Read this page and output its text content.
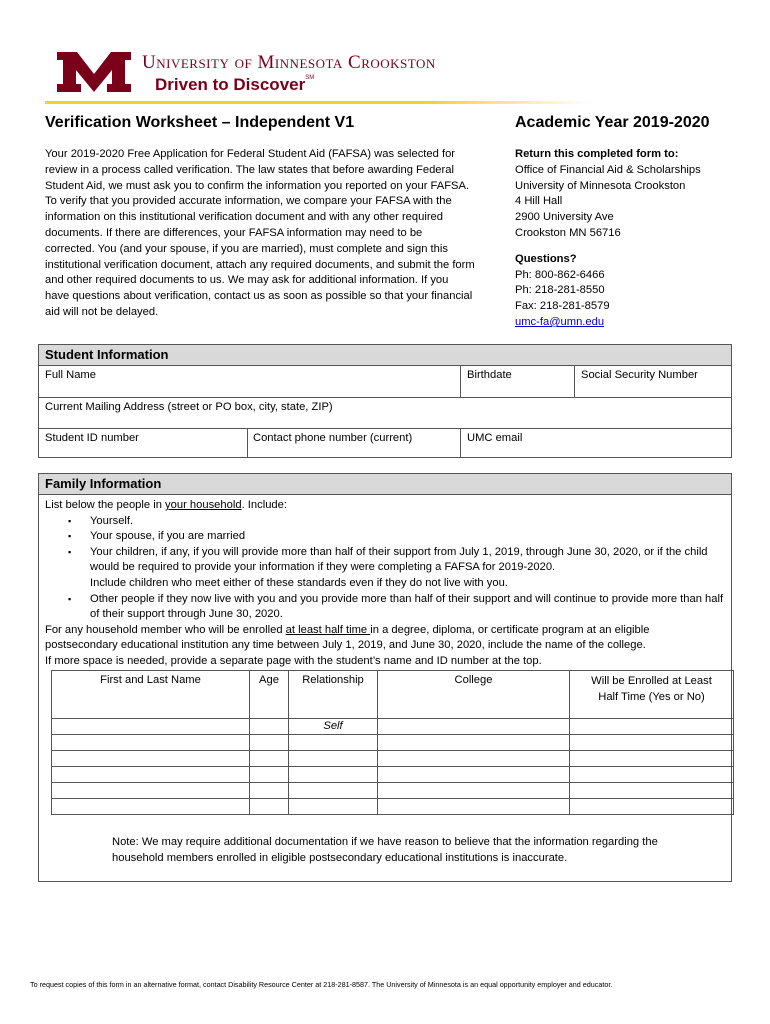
University of Minnesota Crookston
Driven to Discover℠
Verification Worksheet – Independent V1	Academic Year 2019-2020
Your 2019-2020 Free Application for Federal Student Aid (FAFSA) was selected for review in a process called verification. The law states that before awarding Federal Student Aid, we must ask you to confirm the information you reported on your FAFSA. To verify that you provided accurate information, we compare your FAFSA with the information on this institutional verification document and with any other required documents. If there are differences, your FAFSA information may need to be corrected. You (and your spouse, if you are married), must complete and sign this institutional verification document, attach any required documents, and submit the form and other required documents to us. We may ask for additional information. If you have questions about verification, contact us as soon as possible so that your financial aid will not be delayed.
Return this completed form to:
Office of Financial Aid & Scholarships
University of Minnesota Crookston
4 Hill Hall
2900 University Ave
Crookston MN 56716
Questions?
Ph: 800-862-6466
Ph: 218-281-8550
Fax: 218-281-8579
umc-fa@umn.edu
Student Information
Full Name	Birthdate	Social Security Number
Current Mailing Address (street or PO box, city, state, ZIP)
Student ID number	Contact phone number (current)	UMC email
Family Information
List below the people in your household. Include:
▪ Yourself.
▪ Your spouse, if you are married
▪ Your children, if any, if you will provide more than half of their support from July 1, 2019, through June 30, 2020, or if the child would be required to provide your information if they were completing a FAFSA for 2019-2020.
Include children who meet either of these standards even if they do not live with you.
▪ Other people if they now live with you and you provide more than half of their support and will continue to provide more than half of their support through June 30, 2020.
For any household member who will be enrolled at least half time in a degree, diploma, or certificate program at an eligible postsecondary educational institution any time between July 1, 2019, and June 30, 2020, include the name of the college.
If more space is needed, provide a separate page with the student’s name and ID number at the top.
First and Last Name	Age	Relationship	College	Will be Enrolled at Least Half Time (Yes or No)
		Self		

Note: We may require additional documentation if we have reason to believe that the information regarding the household members enrolled in eligible postsecondary educational institutions is inaccurate.
To request copies of this form in an alternative format, contact Disability Resource Center at 218-281-8587. The University of Minnesota is an equal opportunity employer and educator.
